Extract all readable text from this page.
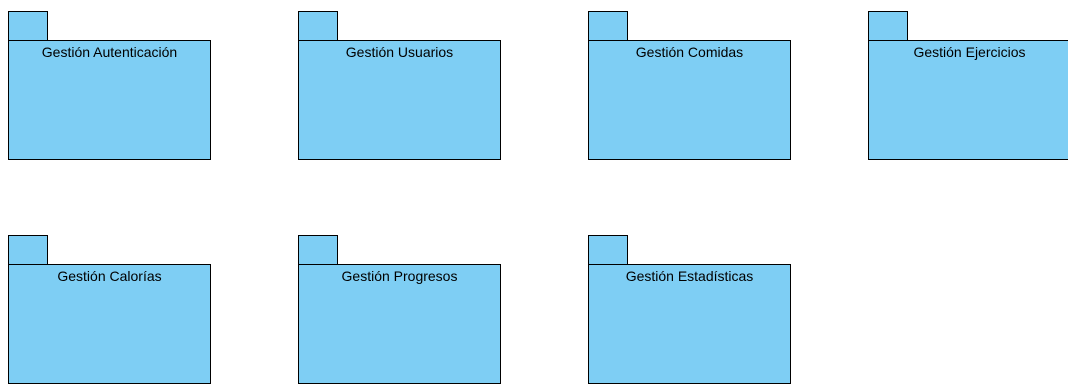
Gestión Autenticación	Gestión Usuarios	Gestión Comidas	Gestión Ejercicios
Gestión Calorías	Gestión Progresos	Gestión Estadísticas
